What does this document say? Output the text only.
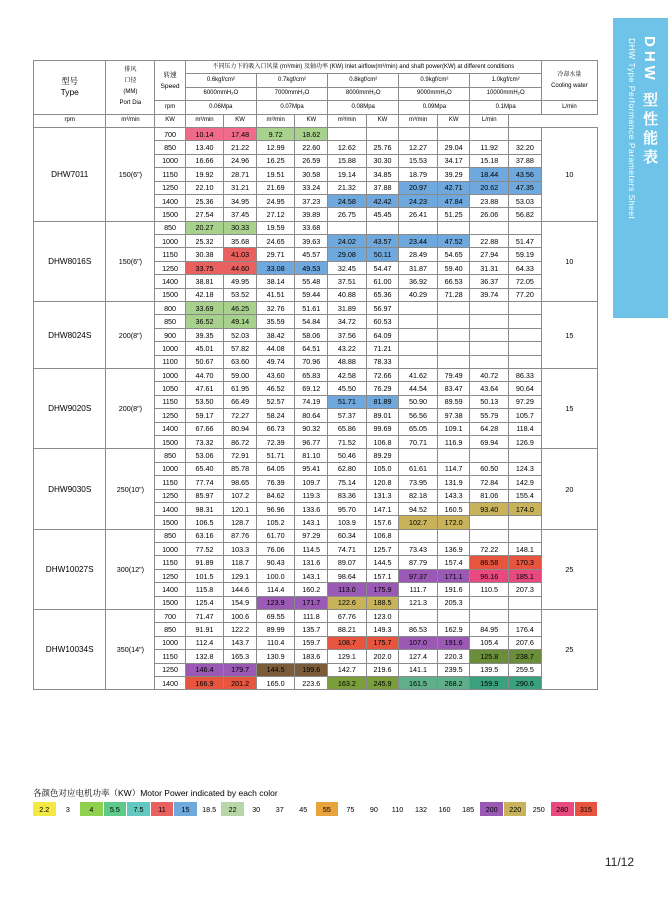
DHW 型性能表
DHW Type Performance Parameters Sheet
型号
Type	排风
口径
(MM)
Port Dia	转速
Speed	不同压力下的吸入口风量 (m³/min) 及轴功率 (KW) Inlet airflow(m³/min) and shaft power(KW) at different conditions										冷却水量
Cooling water
			0.6kgf/cm²		0.7kgf/cm²		0.8kgf/cm²		0.9kgf/cm²		1.0kgf/cm²		
			6000mmH₂O		7000mmH₂O		8000mmH₂O		9000mmH₂O		10000mmH₂O		
		rpm	0.06Mpa		0.07Mpa		0.08Mpa		0.09Mpa		0.1Mpa		L/min
rpm	m³/min	KW	m³/min	KW	m³/min	KW	m³/min	KW	m³/min	KW	L/min		
DHW7011	150(6")	700	10.14	17.48	9.72	18.62							10
		850	13.40	21.22	12.99	22.60	12.62	25.76	12.27	29.04	11.92	32.20	
		1000	16.66	24.96	16.25	26.59	15.88	30.30	15.53	34.17	15.18	37.88	
		1150	19.92	28.71	19.51	30.58	19.14	34.85	18.79	39.29	18.44	43.56	
		1250	22.10	31.21	21.69	33.24	21.32	37.88	20.97	42.71	20.62	47.35	
		1400	25.36	34.95	24.95	37.23	24.58	42.42	24.23	47.84	23.88	53.03	
		1500	27.54	37.45	27.12	39.89	26.75	45.45	26.41	51.25	26.06	56.82	
DHW8016S	150(6")	850	20.27	30.33	19.59	33.68							10
		1000	25.32	35.68	24.65	39.63	24.02	43.57	23.44	47.52	22.88	51.47	
		1150	30.38	41.03	29.71	45.57	29.08	50.11	28.49	54.65	27.94	59.19	
		1250	33.75	44.60	33.08	49.53	32.45	54.47	31.87	59.40	31.31	64.33	
		1400	38.81	49.95	38.14	55.48	37.51	61.00	36.92	66.53	36.37	72.05	
		1500	42.18	53.52	41.51	59.44	40.88	65.36	40.29	71.28	39.74	77.20	
DHW8024S	200(8")	800	33.69	46.25	32.76	51.61	31.89	56.97					15
		850	36.52	49.14	35.59	54.84	34.72	60.53					
		900	39.35	52.03	38.42	58.06	37.56	64.09					
		1000	45.01	57.82	44.08	64.51	43.22	71.21					
		1100	50.67	63.60	49.74	70.96	48.88	78.33					
DHW9020S	200(8")	1000	44.70	59.00	43.60	65.83	42.58	72.66	41.62	79.49	40.72	86.33	15
		1050	47.61	61.95	46.52	69.12	45.50	76.29	44.54	83.47	43.64	90.64	
		1150	53.50	66.49	52.57	74.19	51.71	81.89	50.90	89.59	50.13	97.29	
		1250	59.17	72.27	58.24	80.64	57.37	89.01	56.56	97.38	55.79	105.7	
		1400	67.66	80.94	66.73	90.32	65.86	99.69	65.05	109.1	64.28	118.4	
		1500	73.32	86.72	72.39	96.77	71.52	106.8	70.71	116.9	69.94	126.9	
DHW9030S	250(10")	850	53.06	72.91	51.71	81.10	50.46	89.29					20
		1000	65.40	85.78	64.05	95.41	62.80	105.0	61.61	114.7	60.50	124.3	
		1150	77.74	98.65	76.39	109.7	75.14	120.8	73.95	131.9	72.84	142.9	
		1250	85.97	107.2	84.62	119.3	83.36	131.3	82.18	143.3	81.06	155.4	
		1400	98.31	120.1	96.96	133.6	95.70	147.1	94.52	160.5	93.40	174.0	
		1500	106.5	128.7	105.2	143.1	103.9	157.6	102.7	172.0			
DHW10027S	300(12")	850	63.16	87.76	61.70	97.29	60.34	106.8					25
		1000	77.52	103.3	76.06	114.5	74.71	125.7	73.43	136.9	72.22	148.1	
		1150	91.89	118.7	90.43	131.6	89.07	144.5	87.79	157.4	86.58	170.3	
		1250	101.5	129.1	100.0	143.1	98.64	157.1	97.37	171.1	96.16	185.1	
		1400	115.8	144.6	114.4	160.2	113.0	175.9	111.7	191.6	110.5	207.3	
		1500	125.4	154.9	123.9	171.7	122.6	188.5	121.3	205.3			
DHW10034S	350(14")	700	71.47	100.6	69.55	111.8	67.76	123.0					25
		850	91.91	122.2	89.99	135.7	88.21	149.3	86.53	162.9	84.95	176.4	
		1000	112.4	143.7	110.4	159.7	108.7	175.7	107.0	191.6	105.4	207.6	
		1150	132.8	165.3	130.9	183.6	129.1	202.0	127.4	220.3	125.8	238.7	
		1250	146.4	179.7	144.5	199.6	142.7	219.6	141.1	239.5	139.5	259.5	
		1400	166.9	201.2	165.0	223.6	163.2	245.9	161.5	268.2	159.9	290.6	
各颜色对应电机功率（KW）Motor Power indicated by each color
2.2	3	4	5.5	7.5	11	15	18.5	22	30	37	45	55	75	90	110	132	160	185	200	220	250	280	315
11/12
